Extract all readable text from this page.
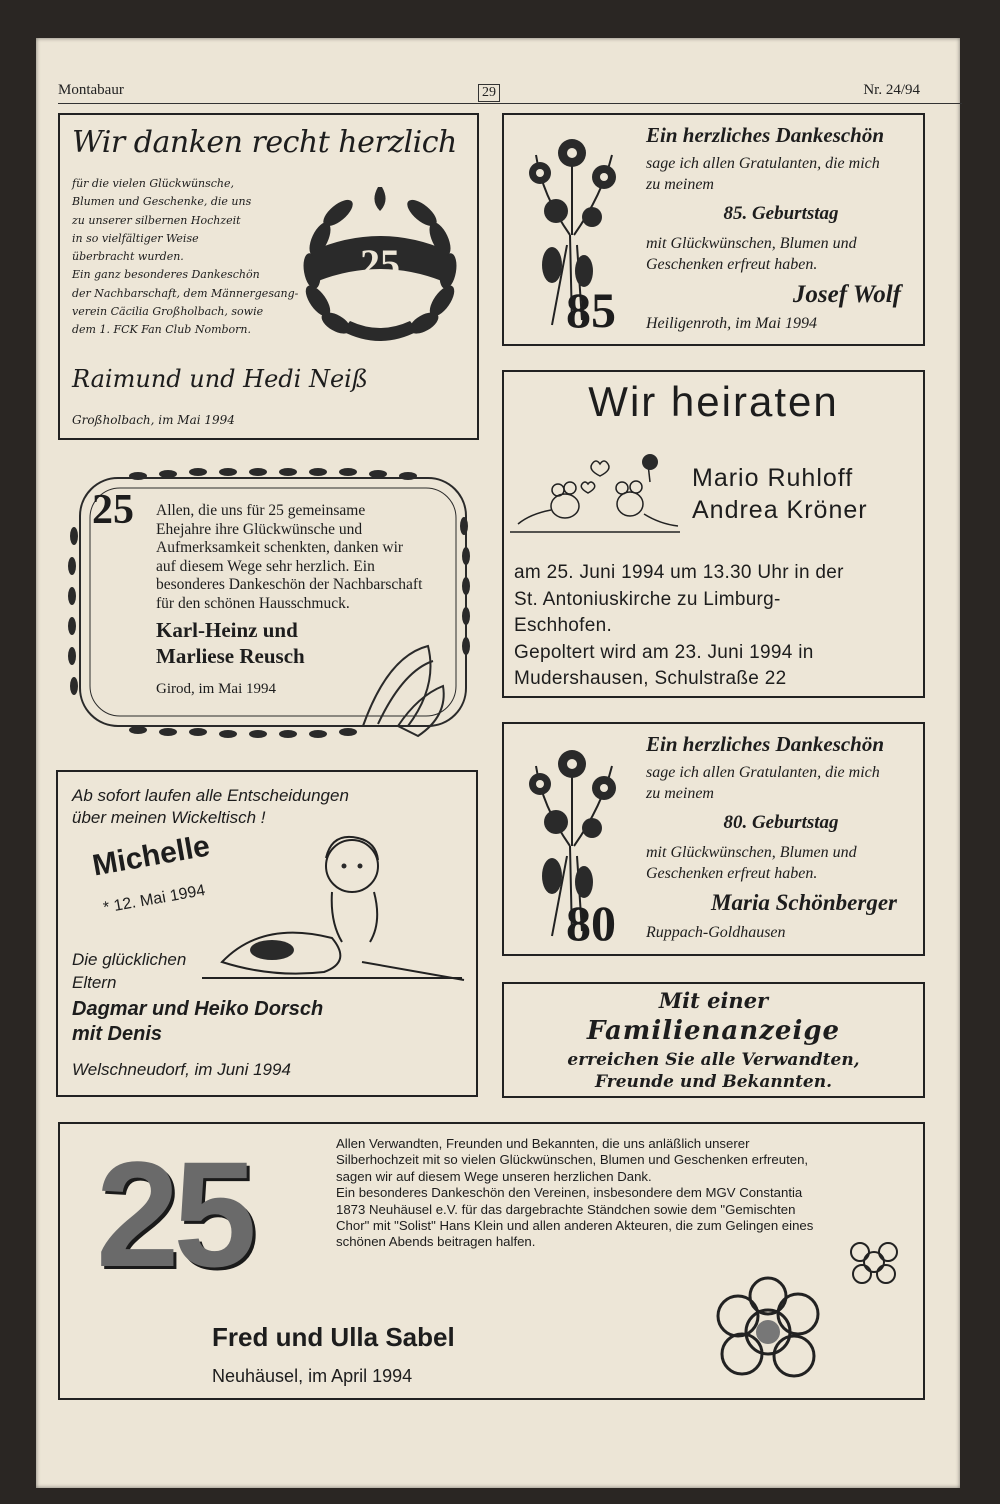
Montabaur	29	Nr. 24/94
Wir danken recht herzlich
für die vielen Glückwünsche,
Blumen und Geschenke, die uns
zu unserer silbernen Hochzeit
in so vielfältiger Weise
überbracht wurden.
Ein ganz besonderes Dankeschön
der Nachbarschaft, dem Männergesang-
verein Cäcilia Großholbach, sowie
dem 1. FCK Fan Club Nomborn.
Raimund und Hedi Neiß
Großholbach, im Mai 1994
25
85
Ein herzliches Dankeschön
sage ich allen Gratulanten, die mich
zu meinem
85. Geburtstag
mit Glückwünschen, Blumen und
Geschenken erfreut haben.
Josef Wolf
Heiligenroth, im Mai 1994
25 Allen, die uns für 25 gemeinsame
Ehejahre ihre Glückwünsche und
Aufmerksamkeit schenkten, danken wir
auf diesem Wege sehr herzlich. Ein
besonderes Dankeschön der Nachbarschaft
für den schönen Hausschmuck.
Karl-Heinz und
Marliese Reusch
Girod, im Mai 1994
Wir heiraten
Mario Ruhloff
Andrea Kröner
am 25. Juni 1994 um 13.30 Uhr in der
St. Antoniuskirche zu Limburg-
Eschhofen.
Gepoltert wird am 23. Juni 1994 in
Mudershausen, Schulstraße 22
Ab sofort laufen alle Entscheidungen
über meinen Wickeltisch !
Michelle
* 12. Mai 1994
Die glücklichen
Eltern
Dagmar und Heiko Dorsch
mit Denis
Welschneudorf, im Juni 1994
80
Ein herzliches Dankeschön
sage ich allen Gratulanten, die mich
zu meinem
80. Geburtstag
mit Glückwünschen, Blumen und
Geschenken erfreut haben.
Maria Schönberger
Ruppach-Goldhausen
Mit einer
Familienanzeige
erreichen Sie alle Verwandten,
Freunde und Bekannten.
25	Allen Verwandten, Freunden und Bekannten, die uns anläßlich unserer
Silberhochzeit mit so vielen Glückwünschen, Blumen und Geschenken erfreuten,
sagen wir auf diesem Wege unseren herzlichen Dank.
Ein besonderes Dankeschön den Vereinen, insbesondere dem MGV Constantia
1873 Neuhäusel e.V. für das dargebrachte Ständchen sowie dem "Gemischten
Chor" mit "Solist" Hans Klein und allen anderen Akteuren, die zum Gelingen eines
schönen Abends beitragen halfen.
Fred und Ulla Sabel
Neuhäusel, im April 1994
